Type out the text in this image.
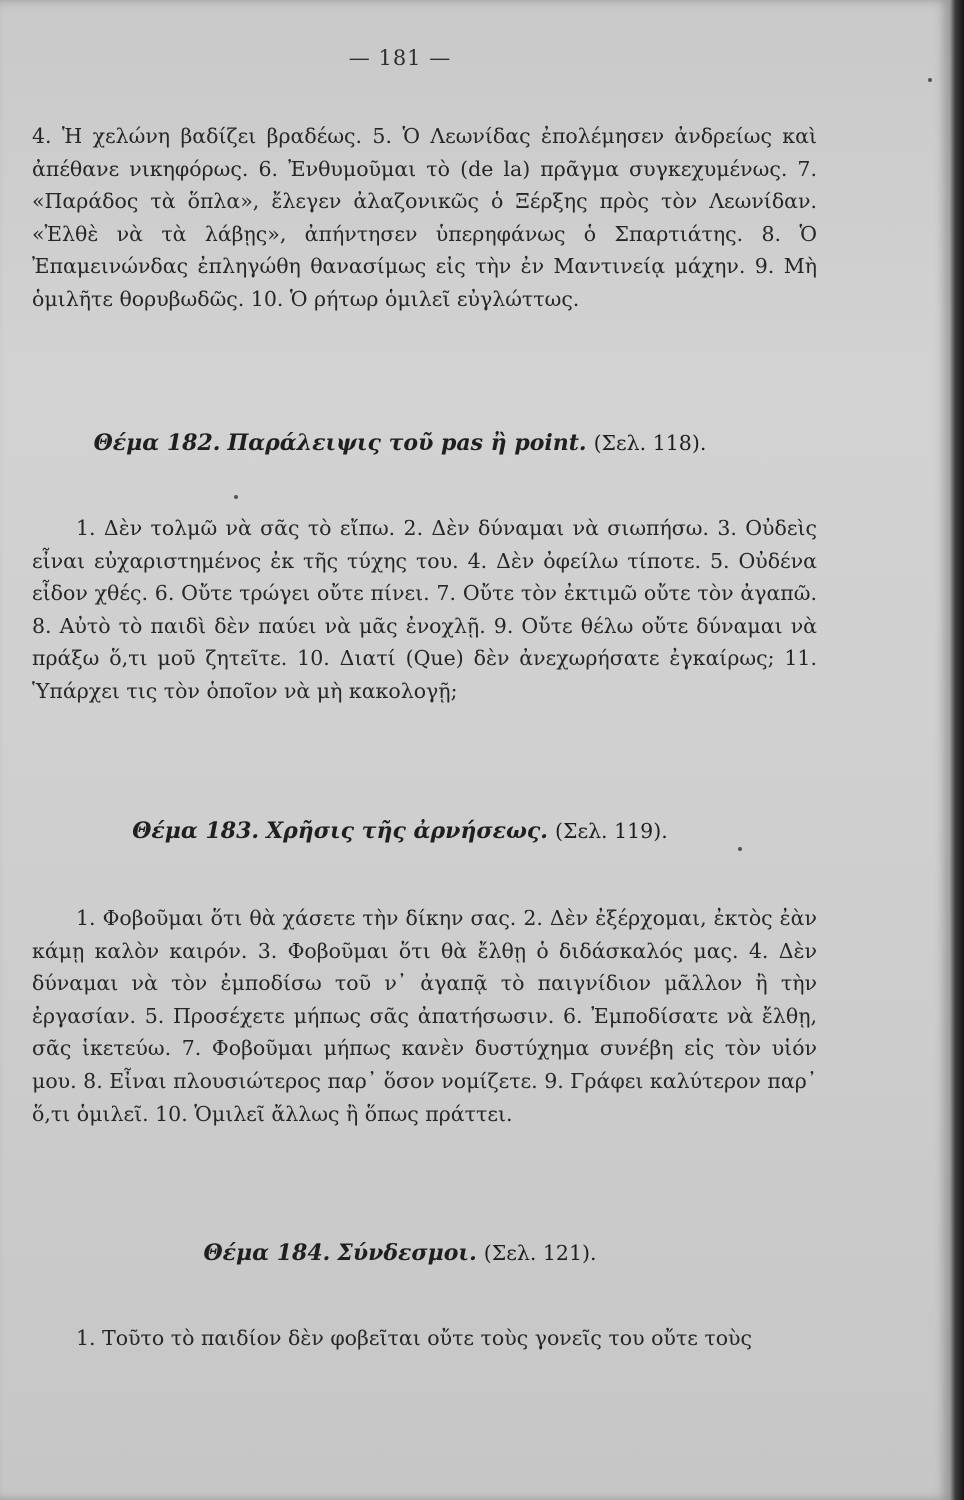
— 181 —
4. Ἡ χελώνη βαδίζει βραδέως. 5. Ὁ Λεωνίδας ἐπολέμησεν ἀνδρείως καὶ ἀπέθανε νικηφόρως. 6. Ἐνθυμοῦμαι τὸ (de la) πρᾶγμα συγκεχυμένως. 7. «Παράδος τὰ ὅπλα», ἔλεγεν ἀλαζονικῶς ὁ Ξέρξης πρὸς τὸν Λεωνίδαν. «Ἐλθὲ νὰ τὰ λάβῃς», ἀπήντησεν ὑπερηφάνως ὁ Σπαρτιάτης. 8. Ὁ Ἐπαμεινώνδας ἐπληγώθη θανασίμως εἰς τὴν ἐν Μαντινείᾳ μάχην. 9. Μὴ ὁμιλῆτε θορυβωδῶς. 10. Ὁ ρήτωρ ὁμιλεῖ εὐγλώττως.
Θέμα 182. Παράλειψις τοῦ pas ἢ point. (Σελ. 118).
1. Δὲν τολμῶ νὰ σᾶς τὸ εἴπω. 2. Δὲν δύναμαι νὰ σιωπήσω. 3. Οὐδεὶς εἶναι εὐχαριστημένος ἐκ τῆς τύχης του. 4. Δὲν ὀφείλω τίποτε. 5. Οὐδένα εἶδον χθές. 6. Οὔτε τρώγει οὔτε πίνει. 7. Οὔτε τὸν ἐκτιμῶ οὔτε τὸν ἀγαπῶ. 8. Αὐτὸ τὸ παιδὶ δὲν παύει νὰ μᾶς ἐνοχλῇ. 9. Οὔτε θέλω οὔτε δύναμαι νὰ πράξω ὅ,τι μοῦ ζητεῖτε. 10. Διατί (Que) δὲν ἀνεχωρήσατε ἐγκαίρως; 11. Ὑπάρχει τις τὸν ὁποῖον νὰ μὴ κακολογῇ;
Θέμα 183. Χρῆσις τῆς ἀρνήσεως. (Σελ. 119).
1. Φοβοῦμαι ὅτι θὰ χάσετε τὴν δίκην σας. 2. Δὲν ἐξέρχομαι, ἐκτὸς ἐὰν κάμῃ καλὸν καιρόν. 3. Φοβοῦμαι ὅτι θὰ ἔλθῃ ὁ διδάσκαλός μας. 4. Δὲν δύναμαι νὰ τὸν ἐμποδίσω τοῦ ν᾿ ἀγαπᾷ τὸ παιγνίδιον μᾶλλον ἢ τὴν ἐργασίαν. 5. Προσέχετε μήπως σᾶς ἀπατήσωσιν. 6. Ἐμποδίσατε νὰ ἔλθῃ, σᾶς ἱκετεύω. 7. Φοβοῦμαι μήπως κανὲν δυστύχημα συνέβη εἰς τὸν υἱόν μου. 8. Εἶναι πλουσιώτερος παρ᾿ ὅσον νομίζετε. 9. Γράφει καλύτερον παρ᾿ ὅ,τι ὁμιλεῖ. 10. Ὁμιλεῖ ἄλλως ἢ ὅπως πράττει.
Θέμα 184. Σύνδεσμοι. (Σελ. 121).
1. Τοῦτο τὸ παιδίον δὲν φοβεῖται οὔτε τοὺς γονεῖς του οὔτε τοὺς
